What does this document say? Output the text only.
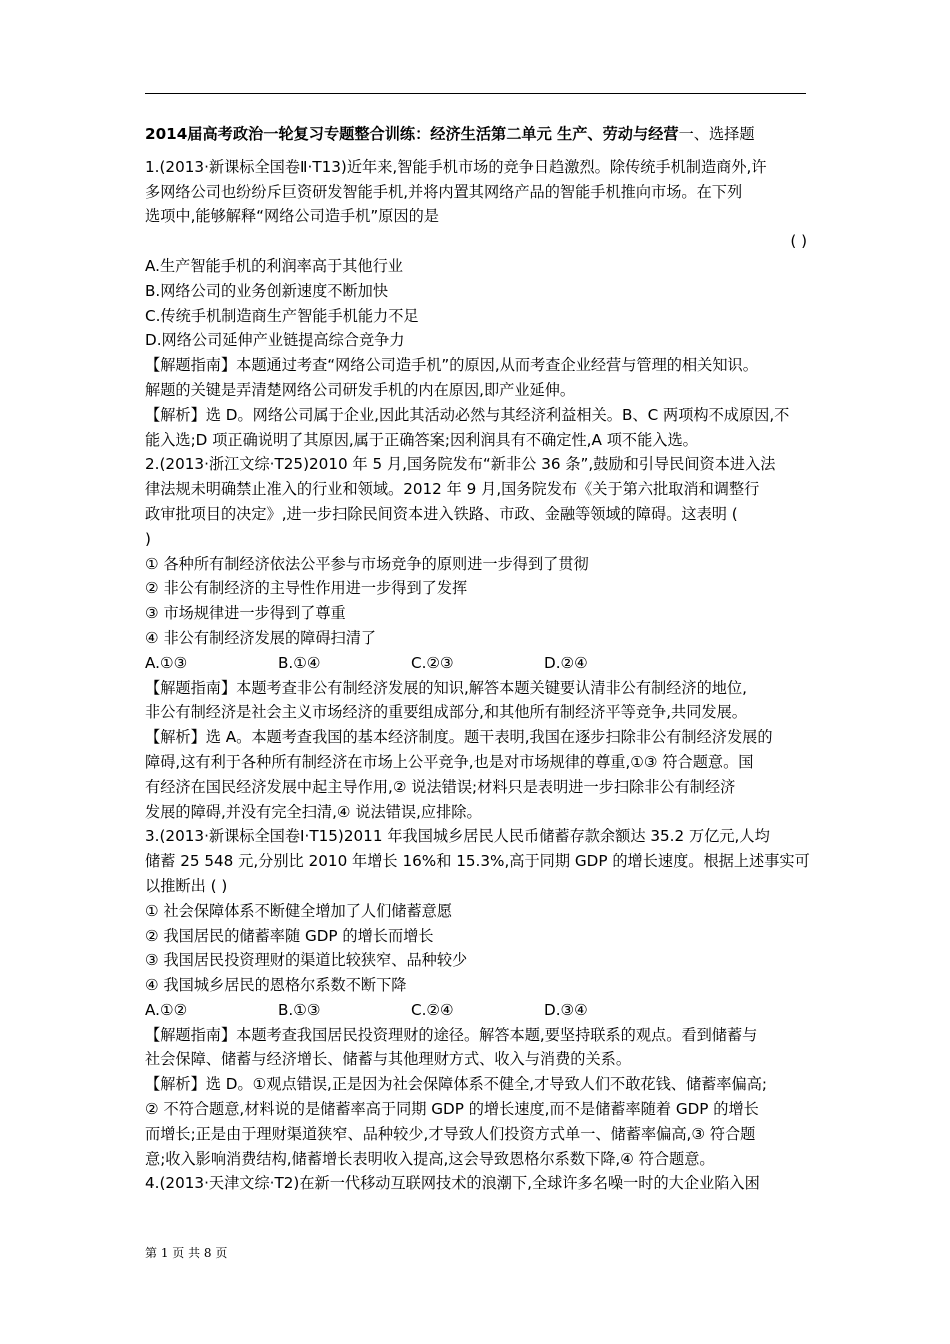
2014届高考政治一轮复习专题整合训练：经济生活第二单元 生产、劳动与经营一、选择题
1.(2013·新课标全国卷Ⅱ·T13)近年来,智能手机市场的竞争日趋激烈。除传统手机制造商外,许
多网络公司也纷纷斥巨资研发智能手机,并将内置其网络产品的智能手机推向市场。在下列
选项中,能够解释“网络公司造手机”原因的是
( )
A.生产智能手机的利润率高于其他行业
B.网络公司的业务创新速度不断加快
C.传统手机制造商生产智能手机能力不足
D.网络公司延伸产业链提高综合竞争力
【解题指南】本题通过考查“网络公司造手机”的原因,从而考查企业经营与管理的相关知识。
解题的关键是弄清楚网络公司研发手机的内在原因,即产业延伸。
【解析】选 D。网络公司属于企业,因此其活动必然与其经济利益相关。B、C 两项构不成原因,不
能入选;D 项正确说明了其原因,属于正确答案;因利润具有不确定性,A 项不能入选。
2.(2013·浙江文综·T25)2010 年 5 月,国务院发布“新非公 36 条”,鼓励和引导民间资本进入法
律法规未明确禁止准入的行业和领域。2012 年 9 月,国务院发布《关于第六批取消和调整行
政审批项目的决定》,进一步扫除民间资本进入铁路、市政、金融等领域的障碍。这表明 (
)
① 各种所有制经济依法公平参与市场竞争的原则进一步得到了贯彻
② 非公有制经济的主导性作用进一步得到了发挥
③ 市场规律进一步得到了尊重
④ 非公有制经济发展的障碍扫清了
A.①③	B.①④	C.②③	D.②④
【解题指南】本题考查非公有制经济发展的知识,解答本题关键要认清非公有制经济的地位,
非公有制经济是社会主义市场经济的重要组成部分,和其他所有制经济平等竞争,共同发展。
【解析】选 A。本题考查我国的基本经济制度。题干表明,我国在逐步扫除非公有制经济发展的
障碍,这有利于各种所有制经济在市场上公平竞争,也是对市场规律的尊重,①③ 符合题意。国
有经济在国民经济发展中起主导作用,② 说法错误;材料只是表明进一步扫除非公有制经济
发展的障碍,并没有完全扫清,④ 说法错误,应排除。
3.(2013·新课标全国卷Ⅰ·T15)2011 年我国城乡居民人民币储蓄存款余额达 35.2 万亿元,人均
储蓄 25 548 元,分别比 2010 年增长 16%和 15.3%,高于同期 GDP 的增长速度。根据上述事实可
以推断出 ( )
① 社会保障体系不断健全增加了人们储蓄意愿
② 我国居民的储蓄率随 GDP 的增长而增长
③ 我国居民投资理财的渠道比较狭窄、品种较少
④ 我国城乡居民的恩格尔系数不断下降
A.①②	B.①③	C.②④	D.③④
【解题指南】本题考查我国居民投资理财的途径。解答本题,要坚持联系的观点。看到储蓄与
社会保障、储蓄与经济增长、储蓄与其他理财方式、收入与消费的关系。
【解析】选 D。①观点错误,正是因为社会保障体系不健全,才导致人们不敢花钱、储蓄率偏高;
② 不符合题意,材料说的是储蓄率高于同期 GDP 的增长速度,而不是储蓄率随着 GDP 的增长
而增长;正是由于理财渠道狭窄、品种较少,才导致人们投资方式单一、储蓄率偏高,③ 符合题
意;收入影响消费结构,储蓄增长表明收入提高,这会导致恩格尔系数下降,④ 符合题意。
4.(2013·天津文综·T2)在新一代移动互联网技术的浪潮下,全球许多名噪一时的大企业陷入困
第 1 页 共 8 页
